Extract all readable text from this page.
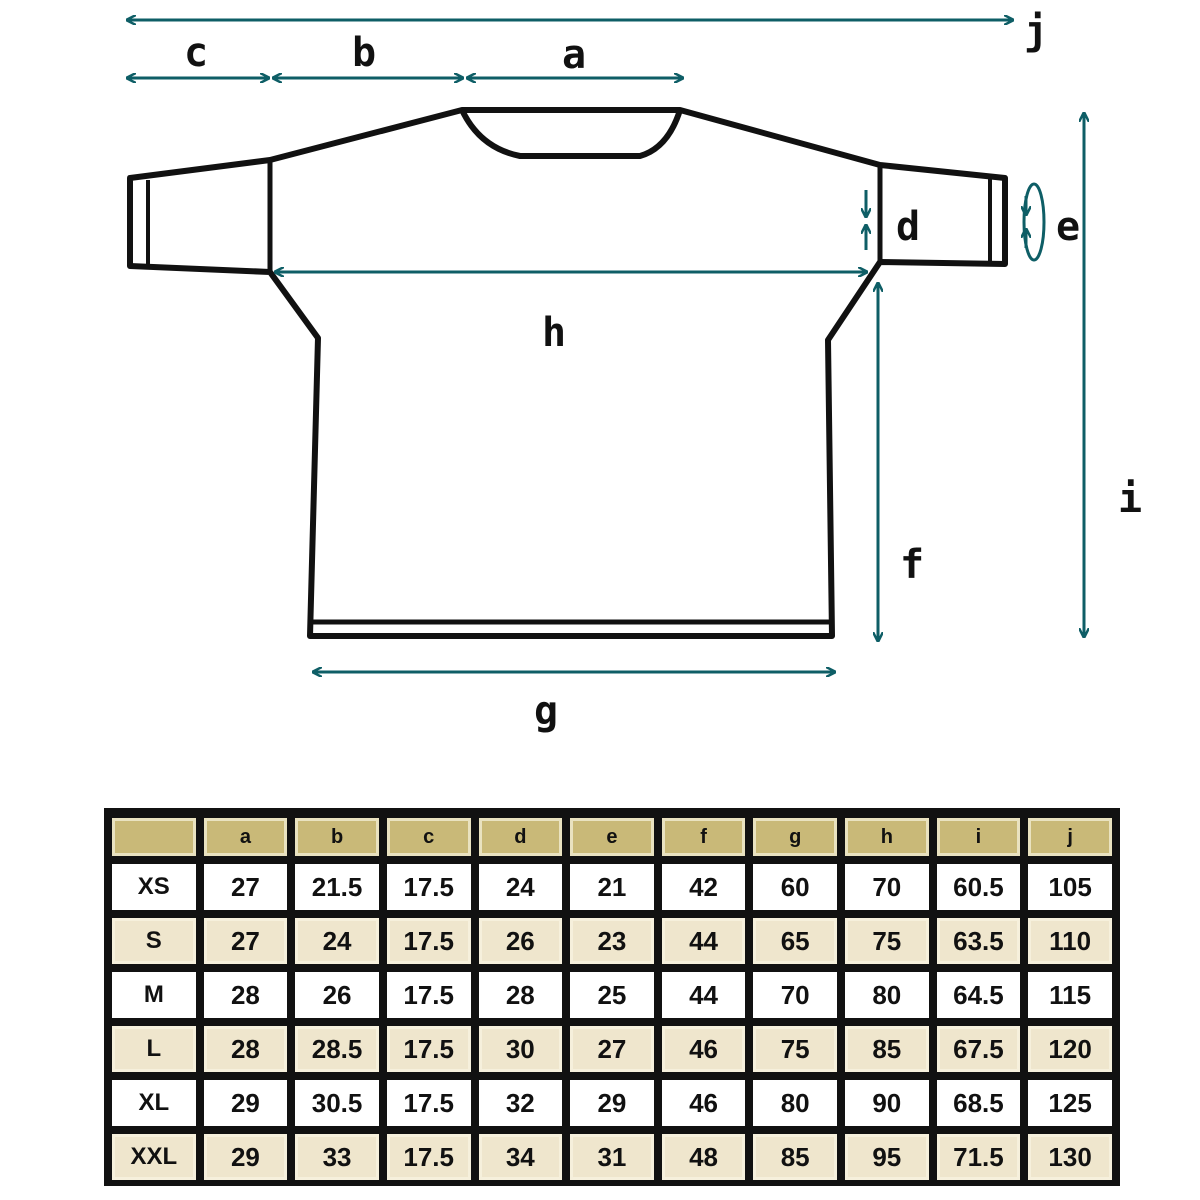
j
c	b	a
d	e
h
i
f
g
	a	b	c	d	e	f	g	h	i	j
XS	27	21.5	17.5	24	21	42	60	70	60.5	105
S	27	24	17.5	26	23	44	65	75	63.5	110
M	28	26	17.5	28	25	44	70	80	64.5	115
L	28	28.5	17.5	30	27	46	75	85	67.5	120
XL	29	30.5	17.5	32	29	46	80	90	68.5	125
XXL	29	33	17.5	34	31	48	85	95	71.5	130
